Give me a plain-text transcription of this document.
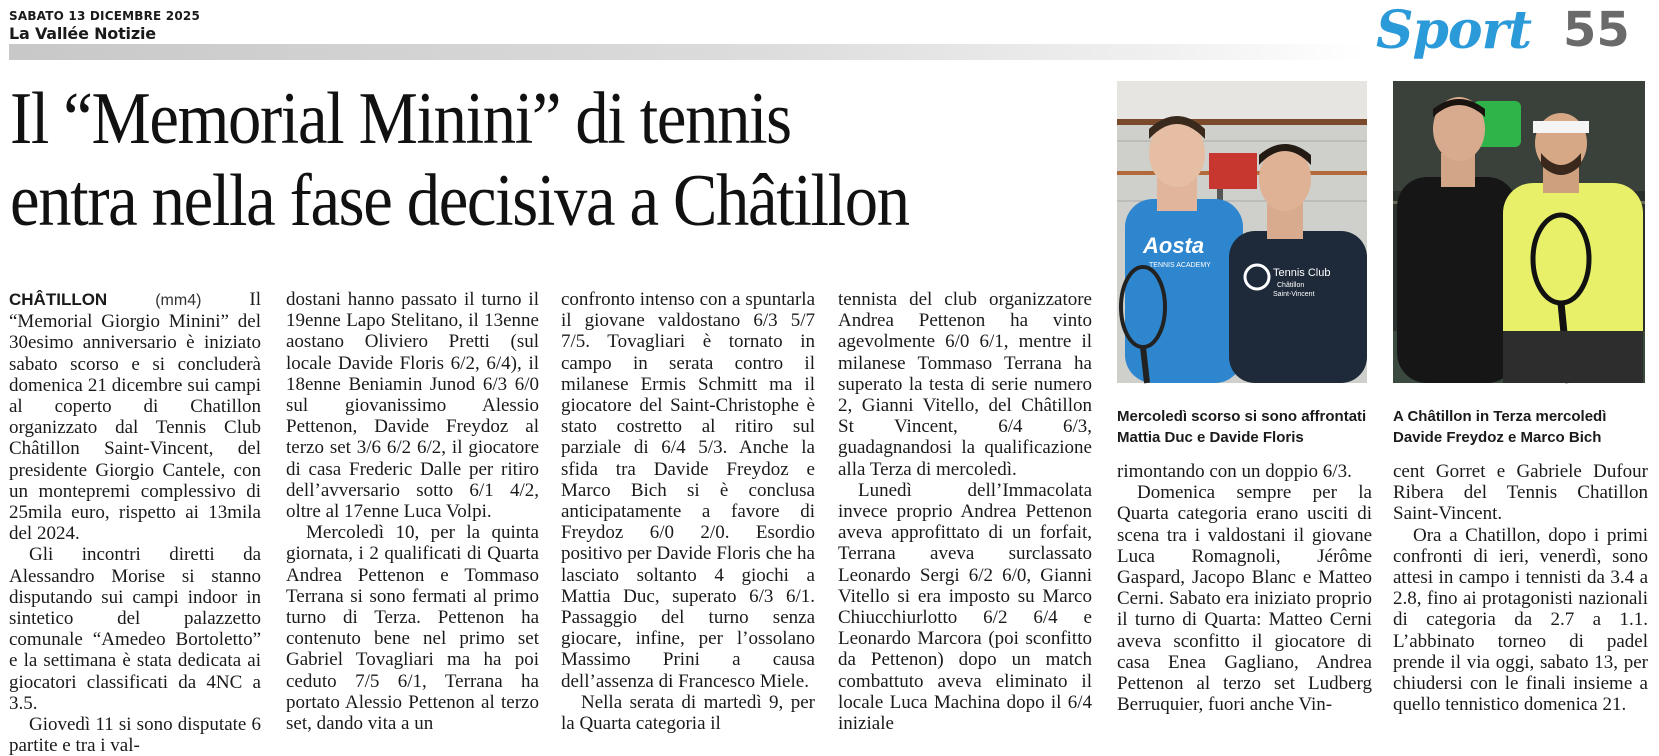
SABATO 13 DICEMBRE 2025
La Vallée Notizie	Sport 55
Il “Memorial Minini” di tennis
entra nella fase decisiva a Châtillon

CHÂTILLON	(mm4)	Il “Memorial Giorgio Minini” del 30esimo anniversario è iniziato sabato scorso e si concluderà domenica 21 dicembre sui campi al coperto di Chatillon organizzato dal Tennis Club Châtillon Saint-Vincent, del presidente Giorgio Cantele, con un montepremi complessivo di 25mila euro, rispetto ai 13mila del 2024.

Gli incontri diretti da Alessandro Morise si stanno disputando sui campi indoor in sintetico del palazzetto comunale “Amedeo Bortoletto” e la settimana è stata dedicata ai giocatori classificati da 4NC a 3.5.

Giovedì 11 si sono disputate 6 partite e tra i val-

dostani hanno passato il turno il 19enne Lapo Stelitano, il 13enne aostano Oliviero Pretti (sul locale Davide Floris 6/2, 6/4), il 18enne Beniamin Junod 6/3 6/0 sul giovanissimo Alessio Pettenon, Davide Freydoz al terzo set 3/6 6/2 6/2, il giocatore di casa Frederic Dalle per ritiro dell’avversario sotto 6/1 4/2, oltre al 17enne Luca Volpi.

Mercoledì 10, per la quinta giornata, i 2 qualificati di Quarta Andrea Pettenon e Tommaso Terrana si sono fermati al primo turno di Terza. Pettenon ha contenuto bene nel primo set Gabriel Tovagliari ma ha poi ceduto 7/5 6/1, Terrana ha portato Alessio Pettenon al terzo set, dando vita a un

confronto intenso con a spuntarla il giovane valdostano 6/3 5/7 7/5. Tovagliari è tornato in campo in serata contro il milanese Ermis Schmitt ma il giocatore del Saint-Christophe è stato costretto al ritiro sul parziale di 6/4 5/3. Anche la sfida tra Davide Freydoz e Marco Bich si è conclusa anticipatamente a favore di Freydoz 6/0 2/0. Esordio positivo per Davide Floris che ha lasciato soltanto 4 giochi a Mattia Duc, superato 6/3 6/1. Passaggio del turno senza giocare, infine, per l’ossolano Massimo Prini a causa dell’assenza di Francesco Miele.

Nella serata di martedì 9, per la Quarta categoria il

tennista del club organizzatore Andrea Pettenon ha vinto agevolmente 6/0 6/1, mentre il milanese Tommaso Terrana ha superato la testa di serie numero 2, Gianni Vitello, del Châtillon St Vincent, 6/4 6/3, guadagnandosi la qualificazione alla Terza di mercoledì.

Lunedì dell’Immacolata invece proprio Andrea Pettenon aveva approfittato di un forfait, Terrana aveva surclassato Leonardo Sergi 6/2 6/0, Gianni Vitello si era imposto su Marco Chiucchiurlotto 6/2 6/4 e Leonardo Marcora (poi sconfitto da Pettenon) dopo un match combattuto aveva eliminato il locale Luca Machina dopo il 6/4 iniziale

rimontando con un doppio 6/3.

Domenica sempre per la Quarta categoria erano usciti di scena tra i valdostani il giovane Luca Romagnoli, Jérôme Gaspard, Jacopo Blanc e Matteo Cerni. Sabato era iniziato proprio il turno di Quarta: Matteo Cerni aveva sconfitto il giocatore di casa Enea Gagliano, Andrea Pettenon al terzo set Ludberg Berruquier, fuori anche Vin-

cent Gorret e Gabriele Dufour Ribera del Tennis Chatillon Saint-Vincent.

Ora a Chatillon, dopo i primi confronti di ieri, venerdì, sono attesi in campo i tennisti da 3.4 a 2.8, fino ai protagonisti nazionali di categoria da 2.7 a 1.1. L’abbinato torneo di padel prende il via oggi, sabato 13, per chiudersi con le finali insieme a quello tennistico domenica 21.

Aosta
TENNIS ACADEMY
Tennis Club
Châtillon
Saint-Vincent
Mercoledì scorso si sono affrontati Mattia Duc e Davide Floris
A Châtillon in Terza mercoledì Davide Freydoz e Marco Bich
